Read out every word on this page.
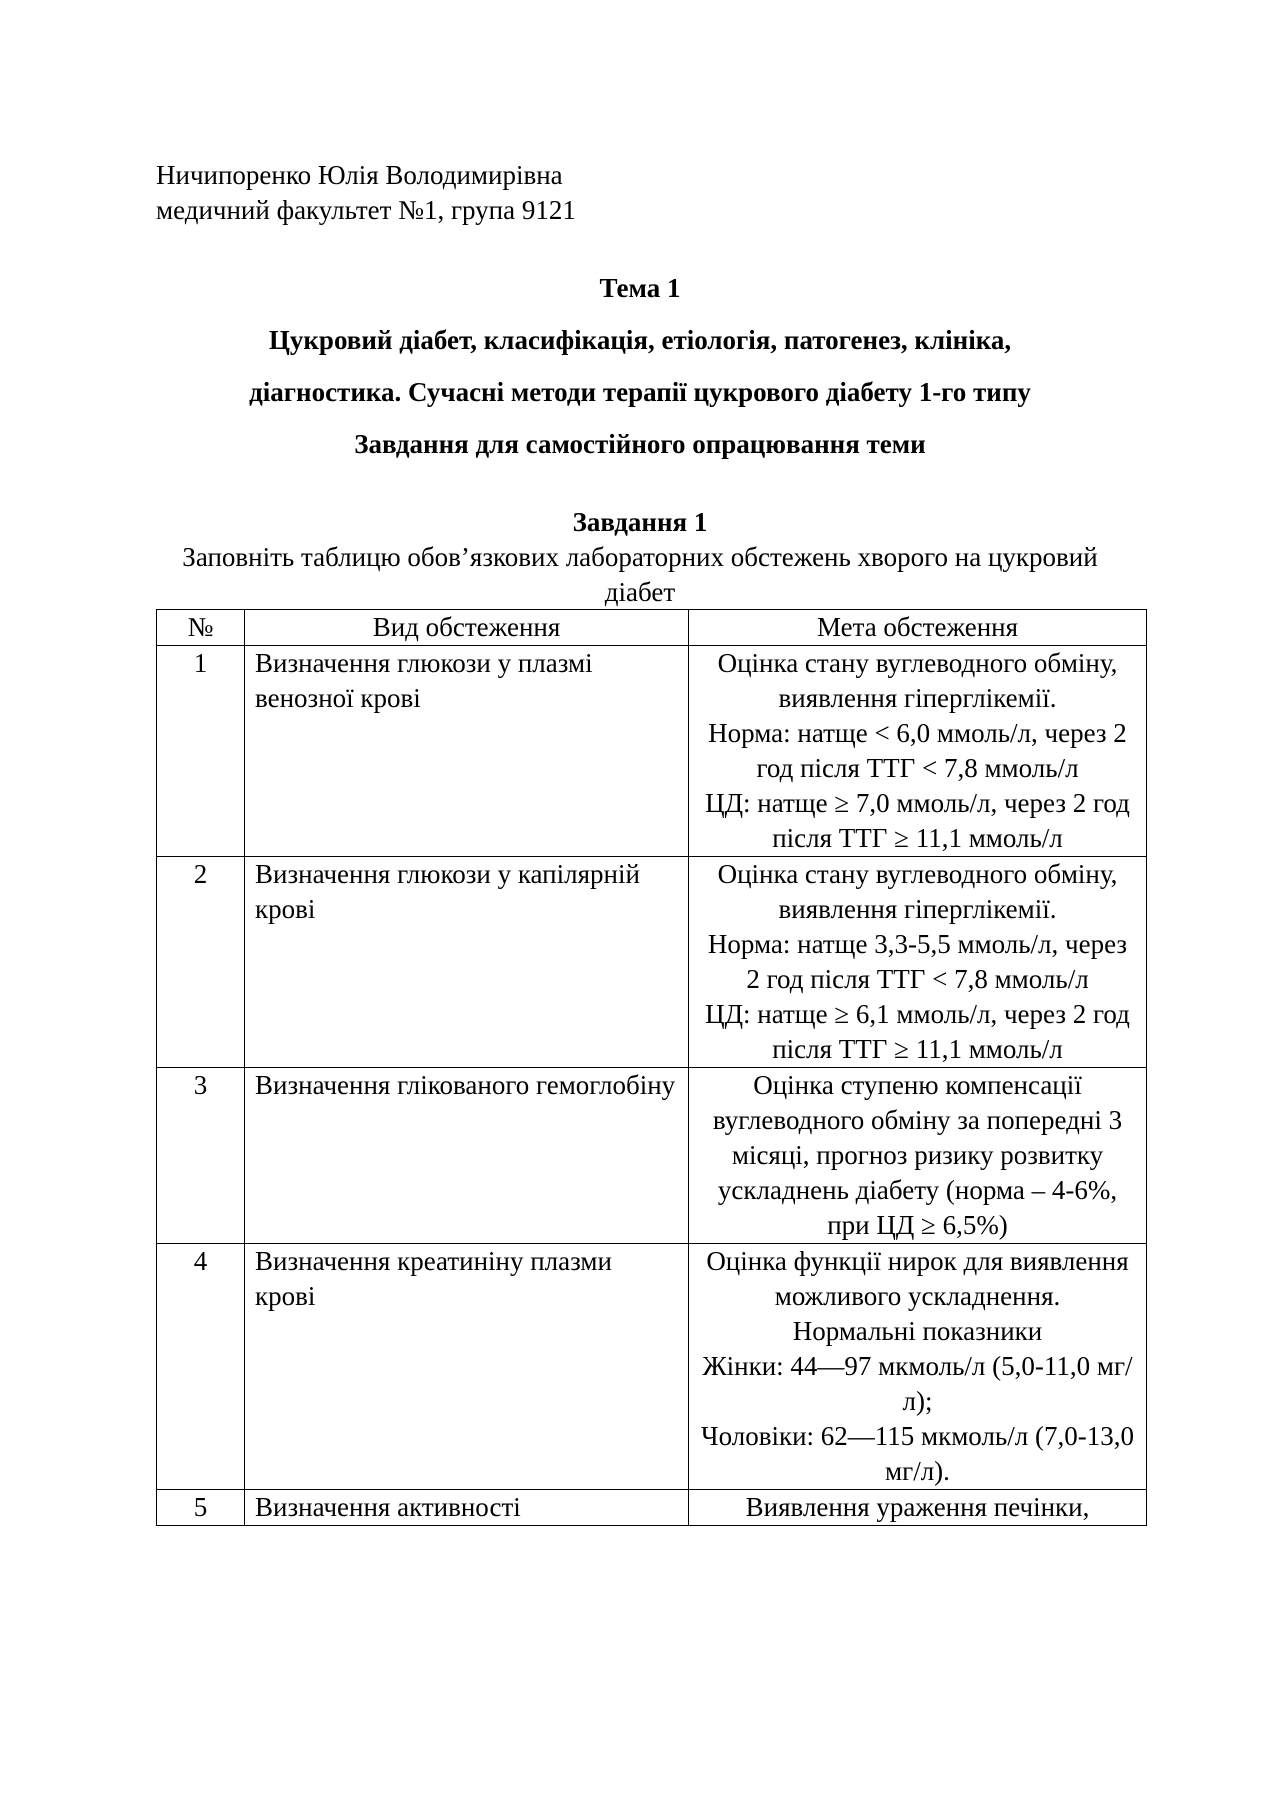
Ничипоренко Юлія Володимирівна
медичний факультет №1, група 9121
Тема 1
Цукровий діабет, класифікація, етіологія, патогенез, клініка,
діагностика. Сучасні методи терапії цукрового діабету 1-го типу
Завдання для самостійного опрацювання теми
Завдання 1
Заповніть таблицю обов’язкових лабораторних обстежень хворого на цукровий діабет
№	Вид обстеження	Мета обстеження
1	Визначення глюкози у плазмі венозної крові	Оцінка стану вуглеводного обміну, виявлення гіперглікемії.
Норма: натще < 6,0 ммоль/л, через 2 год після ТТГ < 7,8 ммоль/л
ЦД: натще ≥ 7,0 ммоль/л, через 2 год після ТТГ ≥ 11,1 ммоль/л

2	Визначення глюкози у капілярній крові	Оцінка стану вуглеводного обміну, виявлення гіперглікемії.
Норма: натще 3,3-5,5 ммоль/л, через 2 год після ТТГ < 7,8 ммоль/л
ЦД: натще ≥ 6,1 ммоль/л, через 2 год після ТТГ ≥ 11,1 ммоль/л

3	Визначення глікованого гемоглобіну	Оцінка ступеню компенсації вуглеводного обміну за попередні 3 місяці, прогноз ризику розвитку ускладнень діабету (норма – 4-6%, при ЦД ≥ 6,5%)

4	Визначення креатиніну плазми крові	Оцінка функції нирок для виявлення можливого ускладнення.
Нормальні показники
Жінки: 44—97 мкмоль/л (5,0-11,0 мг/л);
Чоловіки: 62—115 мкмоль/л (7,0-13,0 мг/л).

5	Визначення активності	Виявлення ураження печінки,
